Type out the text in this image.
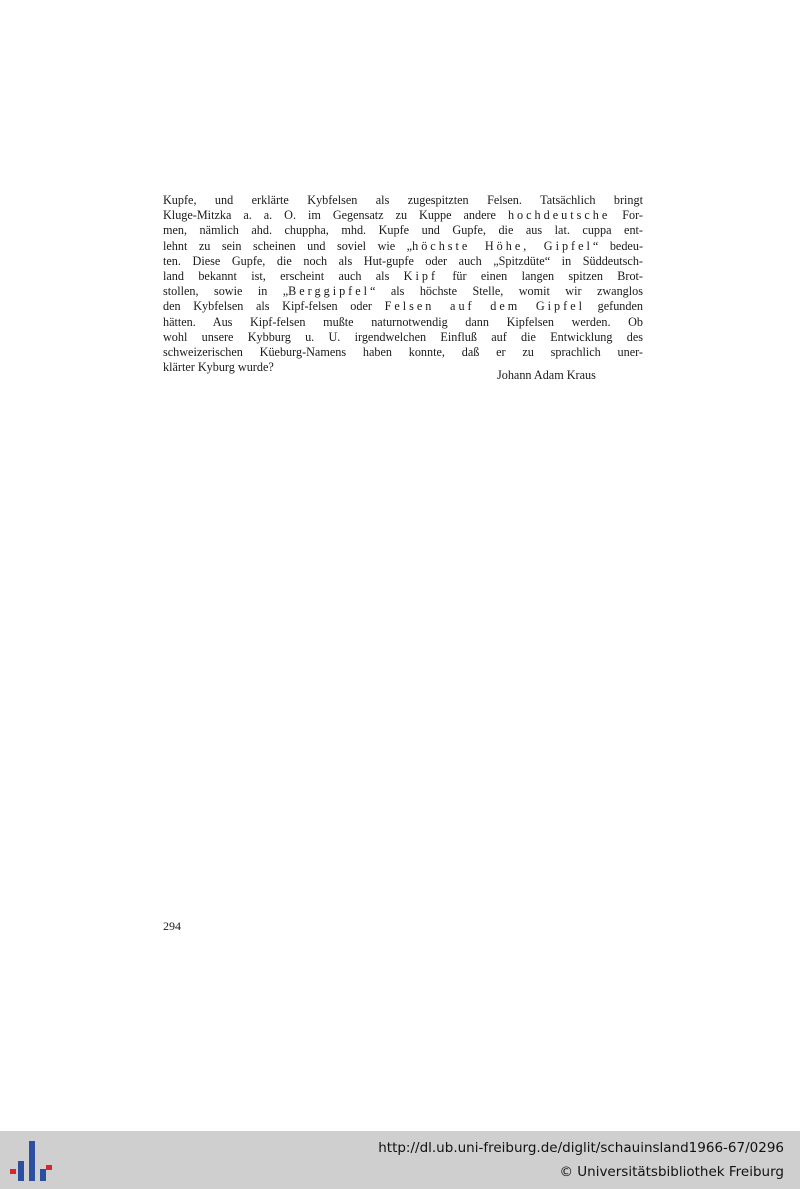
Kupfe, und erklärte Kybfelsen als zugespitzten Felsen. Tatsächlich bringt
Kluge-Mitzka a. a. O. im Gegensatz zu Kuppe andere hochdeutsche For-
men, nämlich ahd. chuppha, mhd. Kupfe und Gupfe, die aus lat. cuppa ent-
lehnt zu sein scheinen und soviel wie „höchste Höhe, Gipfel“ bedeu-
ten. Diese Gupfe, die noch als Hut-gupfe oder auch „Spitzdüte“ in Süddeutsch-
land bekannt ist, erscheint auch als Kipf für einen langen spitzen Brot-
stollen, sowie in „Berggipfel“ als höchste Stelle, womit wir zwanglos
den Kybfelsen als Kipf-felsen oder Felsen auf dem Gipfel gefunden
hätten. Aus Kipf-felsen mußte naturnotwendig dann Kipfelsen werden. Ob
wohl unsere Kybburg u. U. irgendwelchen Einfluß auf die Entwicklung des
schweizerischen Küeburg-Namens haben konnte, daß er zu sprachlich uner-
klärter Kyburg wurde?
Johann Adam Kraus
294
http://dl.ub.uni-freiburg.de/diglit/schauinsland1966-67/0296
© Universitätsbibliothek Freiburg
